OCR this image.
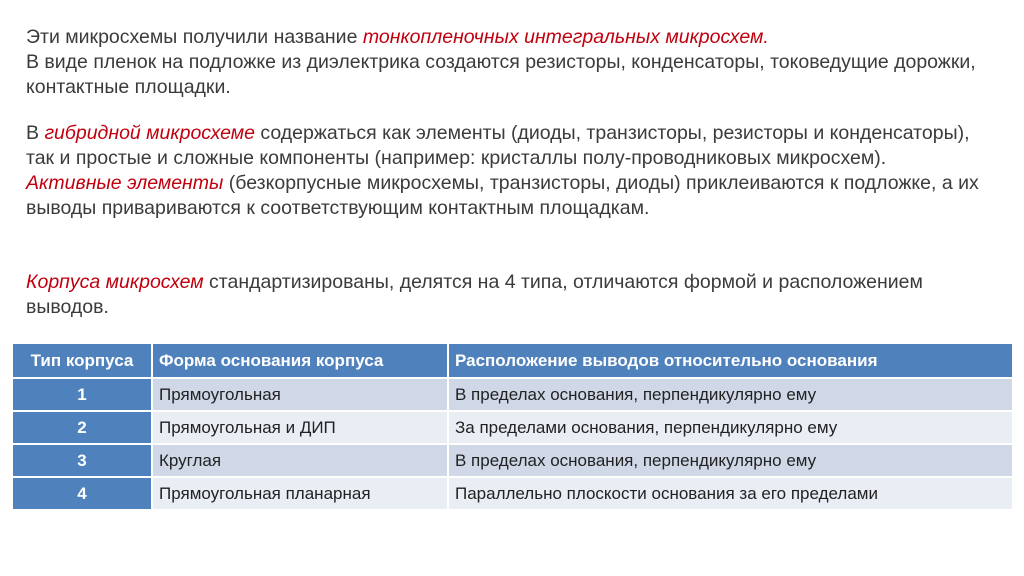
Эти микросхемы получили название тонкопленочных интегральных микросхем.
В виде пленок на подложке из диэлектрика создаются резисторы, конденсаторы, токоведущие дорожки, контактные площадки.
В гибридной микросхеме содержаться как элементы (диоды, транзисторы, резисторы и конденсаторы), так и простые и сложные компоненты (например: кристаллы полу-проводниковых микросхем).
Активные элементы (безкорпусные микросхемы, транзисторы, диоды) приклеиваются к подложке, а их выводы привариваются к соответствующим контактным площадкам.
Корпуса микросхем стандартизированы, делятся на 4 типа, отличаются формой и расположением выводов.
Тип корпуса	Форма основания корпуса	Расположение выводов относительно основания
1	Прямоугольная	В пределах основания, перпендикулярно ему
2	Прямоугольная и ДИП	За пределами основания, перпендикулярно ему
3	Круглая	В пределах основания, перпендикулярно ему
4	Прямоугольная планарная	Параллельно плоскости основания за его пределами
